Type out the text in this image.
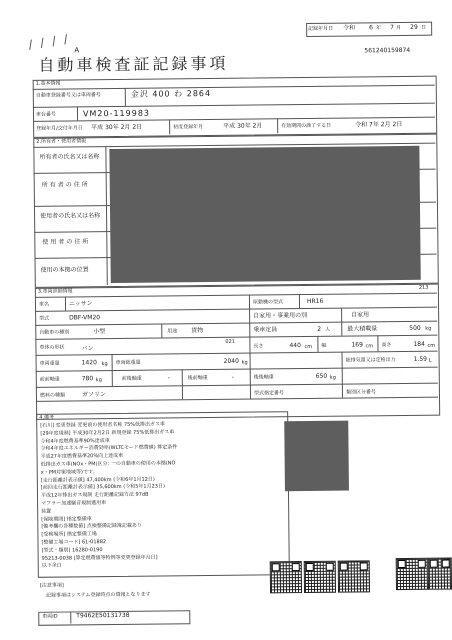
/ / / / A
記録年月日 令和 6 年 7 月 29 日
561240159874
自動車検査証記録事項
1.基本情報
自動車登録番号又は車両番号	金沢 400 わ 2864
車台番号	VM20-119983
登録年月/交付年月日 平成 30年 2月 2日	初度登録年月	平成 30年 2月	有効期間の満了する日	令和 7年 2月 2日
2.所有者・使用者情報
所有者の氏名又は名称
所有者の住所
使用者の氏名又は名称
使用者の住所
使用の本拠の位置
3.車両詳細情報
213
車名	ニッサン	原動機の型式	HR16
型式	DBF-VM20	自家用・事業用の別	自家用
自動車の種別	小型	用途 貨物	乗車定員	2 人	最大積載量	500 kg
車体の形状	バン
021
長さ	440 cm 幅	169 cm 高さ	184 cm
車両重量	1420 kg 車両総重量	2040 kg	総排気量又は定格出力	1.59 L
前前軸重	780 kg	前後軸重	-	後前軸重	-	後後軸重	650 kg
燃料の種類	ガソリン	型式指定番号	類別区分番号
4.備考
[石川] 変更登録 変更前の使用者名称 75%低排出ガス車
[29年度規制] 平成30年2月2日 新規登録 75%低排出ガス車
令和4年度燃費基準90%達成車
令和4年度エネルギー消費効率(WLTCモード燃費値) 算定条件
平成27年度燃費基準20%向上達成車
低排出ガス車(NOx・PM)区分: 一の自動車の使用の本拠(NO
x・PM対策地域等)です。
[走行距離計表示値] 47,400km (令和6年1月12日)
[前回走行距離計表示値] 35,600km (令和5年1月23日)
平成12年排出ガス規制 走行距離記録方法 97dB
マフラー加速騒音規制適用車
装置
[保険期間] 指定整備車
[備考欄の各種数値] 点検整備記録簿記載あり
[受検場所] 指定整備工場
[整備工場コード] 61-01882
[型式・類別] 16280-0190
95213-0038 [算定燃費値等特例等変更登録年月日]
以下余白
[注意事項]
記録事項はシステム登録時点の情報となります
車両ID	T9462E50131738
